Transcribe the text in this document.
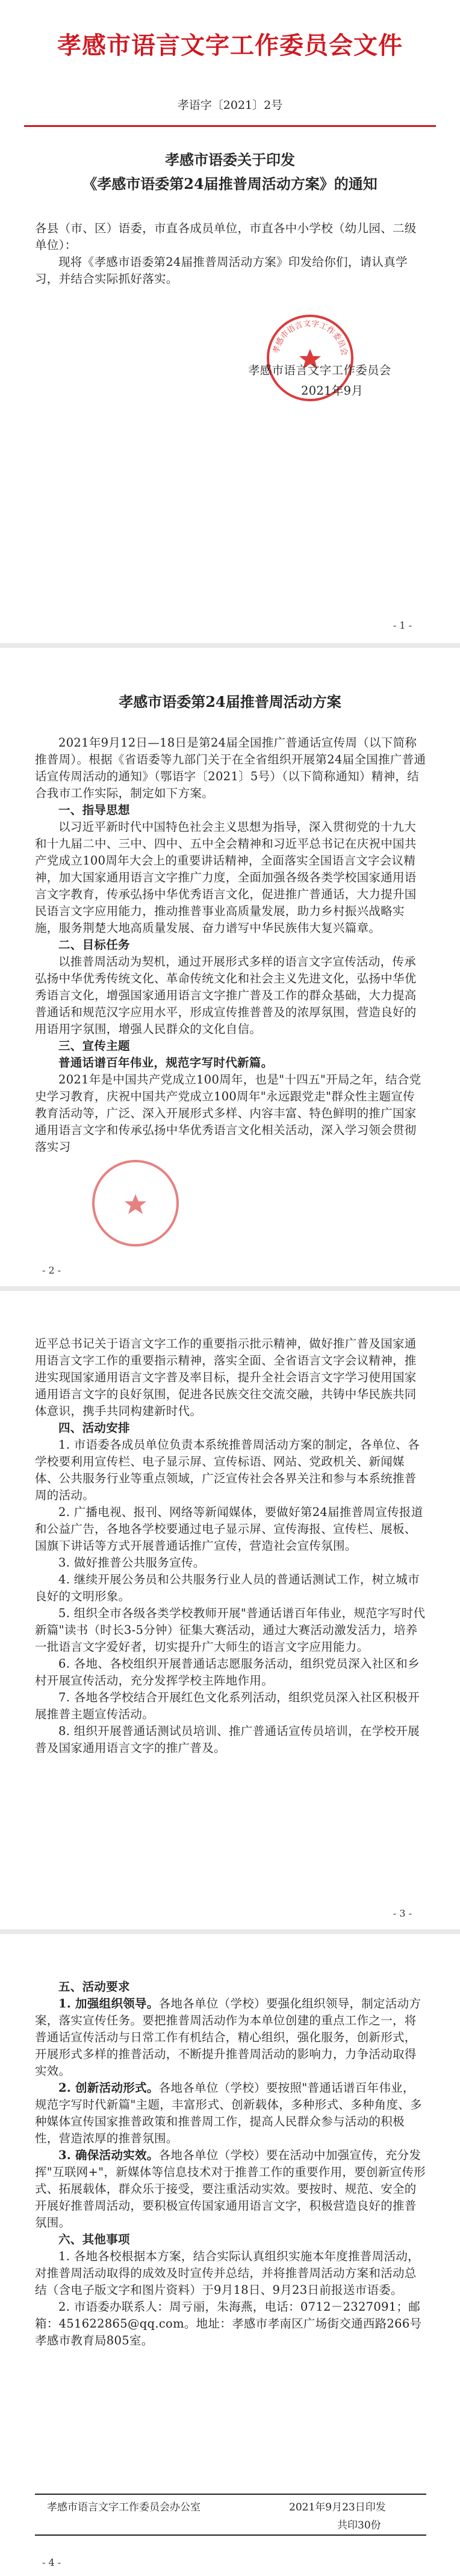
孝感市语言文字工作委员会文件
孝语字〔2021〕2号
孝感市语委关于印发
《孝感市语委第24届推普周活动方案》的通知

各县（市、区）语委，市直各成员单位，市直各中小学校（幼儿园、二级单位）：

现将《孝感市语委第24届推普周活动方案》印发给你们，请认真学习，并结合实际抓好落实。

孝感市语言文字工作委员会
孝感市语言文字工作委员会
2021年9月
- 1 -
孝感市语委第24届推普周活动方案

2021年9月12日—18日是第24届全国推广普通话宣传周（以下简称推普周）。根据《省语委等九部门关于在全省组织开展第24届全国推广普通话宣传周活动的通知》（鄂语字〔2021〕5号）（以下简称通知）精神，结合我市工作实际，制定如下方案。

一、指导思想

以习近平新时代中国特色社会主义思想为指导，深入贯彻党的十九大和十九届二中、三中、四中、五中全会精神和习近平总书记在庆祝中国共产党成立100周年大会上的重要讲话精神，全面落实全国语言文字会议精神，加大国家通用语言文字推广力度，全面加强各级各类学校国家通用语言文字教育，传承弘扬中华优秀语言文化，促进推广普通话，大力提升国民语言文字应用能力，推动推普事业高质量发展，助力乡村振兴战略实施，服务荆楚大地高质量发展、奋力谱写中华民族伟大复兴篇章。

二、目标任务

以推普周活动为契机，通过开展形式多样的语言文字宣传活动，传承弘扬中华优秀传统文化、革命传统文化和社会主义先进文化，弘扬中华优秀语言文化，增强国家通用语言文字推广普及工作的群众基础，大力提高普通话和规范汉字应用水平，形成宣传推普普及的浓厚氛围，营造良好的用语用字氛围，增强人民群众的文化自信。

三、宣传主题

普通话谱百年伟业，规范字写时代新篇。

2021年是中国共产党成立100周年，也是"十四五"开局之年，结合党史学习教育，庆祝中国共产党成立100周年"永远跟党走"群众性主题宣传教育活动等，广泛、深入开展形式多样、内容丰富、特色鲜明的推广国家通用语言文字和传承弘扬中华优秀语言文化相关活动，深入学习领会贯彻落实习

- 2 -

近平总书记关于语言文字工作的重要指示批示精神，做好推广普及国家通用语言文字工作的重要指示精神，落实全面、全省语言文字会议精神，推进实现国家通用语言文字普及率目标，提升全社会语言文字学习使用国家通用语言文字的良好氛围，促进各民族交往交流交融，共铸中华民族共同体意识，携手共同构建新时代。

四、活动安排

1. 市语委各成员单位负责本系统推普周活动方案的制定，各单位、各学校要利用宣传栏、电子显示屏、宣传标语、网站、党政机关、新闻媒体、公共服务行业等重点领域，广泛宣传社会各界关注和参与本系统推普周的活动。

2. 广播电视、报刊、网络等新闻媒体，要做好第24届推普周宣传报道和公益广告，各地各学校要通过电子显示屏、宣传海报、宣传栏、展板、国旗下讲话等方式开展普通话推广宣传，营造社会宣传氛围。

3. 做好推普公共服务宣传。

4. 继续开展公务员和公共服务行业人员的普通话测试工作，树立城市良好的文明形象。

5. 组织全市各级各类学校教师开展"普通话谱百年伟业，规范字写时代新篇"读书（时长3-5分钟）征集大赛活动，通过大赛活动激发活力，培养一批语言文字爱好者，切实提升广大师生的语言文字应用能力。

6. 各地、各校组织开展普通话志愿服务活动，组织党员深入社区和乡村开展宣传活动，充分发挥学校主阵地作用。

7. 各地各学校结合开展红色文化系列活动，组织党员深入社区积极开展推普主题宣传活动。

8. 组织开展普通话测试员培训、推广普通话宣传员培训，在学校开展普及国家通用语言文字的推广普及。

- 3 -

五、活动要求

1. 加强组织领导。各地各单位（学校）要强化组织领导，制定活动方案，落实宣传任务。要把推普周活动作为本单位创建的重点工作之一，将普通话宣传活动与日常工作有机结合，精心组织，强化服务，创新形式，开展形式多样的推普活动，不断提升推普周活动的影响力，力争活动取得实效。

2. 创新活动形式。各地各单位（学校）要按照"普通话谱百年伟业，规范字写时代新篇"主题，丰富形式、创新载体，多种形式、多种角度、多种媒体宣传国家推普政策和推普周工作，提高人民群众参与活动的积极性，营造浓厚的推普氛围。

3. 确保活动实效。各地各单位（学校）要在活动中加强宣传，充分发挥"互联网+"，新媒体等信息技术对于推普工作的重要作用，要创新宣传形式、拓展载体，群众乐于接受，要注重活动实效。要按时、规范、安全的开展好推普周活动，要积极宣传国家通用语言文字，积极营造良好的推普氛围。

六、其他事项

1. 各地各校根据本方案，结合实际认真组织实施本年度推普周活动，对推普周活动取得的成效及时宣传并总结，并将推普周活动方案和活动总结（含电子版文字和图片资料）于9月18日、9月23日前报送市语委。

2. 市语委办联系人：周亏丽，朱海燕，电话：0712－2327091；邮箱：451622865@qq.com。地址：孝感市孝南区广场街交通西路266号孝感市教育局805室。

孝感市语言文字工作委员会办公室	2021年9月23日印发
共印30份
- 4 -
